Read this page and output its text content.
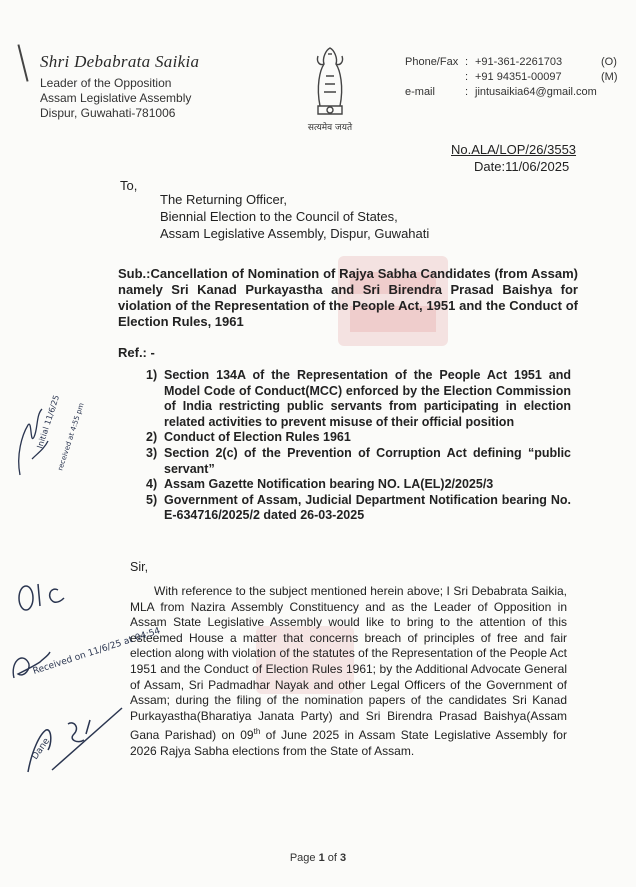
Shri Debabrata Saikia
Leader of the Opposition
Assam Legislative Assembly
Dispur, Guwahati-781006
सत्यमेव जयते
Phone/Fax : +91-361-2261703	(O)
: +91 94351-00097	(M)
e-mail	: jintusaikia64@gmail.com
No.ALA/LOP/26/3553
Date:11/06/2025
To,
The Returning Officer,
Biennial Election to the Council of States,
Assam Legislative Assembly, Dispur, Guwahati
Sub.:Cancellation of Nomination of Rajya Sabha Candidates (from Assam) namely Sri Kanad Purkayastha and Sri Birendra Prasad Baishya for violation of the Representation of the People Act, 1951 and the Conduct of Election Rules, 1961
Ref.: -
1) Section 134A of the Representation of the People Act 1951 and Model Code of Conduct(MCC) enforced by the Election Commission of India restricting public servants from participating in election related activities to prevent misuse of their official position
2) Conduct of Election Rules 1961
3) Section 2(c) of the Prevention of Corruption Act defining “public servant”
4) Assam Gazette Notification bearing NO. LA(EL)2/2025/3
5) Government of Assam, Judicial Department Notification bearing No. E-634716/2025/2 dated 26-03-2025
Sir,
With reference to the subject mentioned herein above; I Sri Debabrata Saikia, MLA from Nazira Assembly Constituency and as the Leader of Opposition in Assam State Legislative Assembly would like to bring to the attention of this esteemed House a matter that concerns breach of principles of free and fair election along with violation of the statutes of the Representation of the People Act 1951 and the Conduct of Election Rules 1961; by the Additional Advocate General of Assam, Sri Padmadhar Nayak and other Legal Officers of the Government of Assam; during the filing of the nomination papers of the candidates Sri Kanad Purkayastha(Bharatiya Janata Party) and Sri Birendra Prasad Baishya(Assam Gana Parishad) on 09th of June 2025 in Assam State Legislative Assembly for 2026 Rajya Sabha elections from the State of Assam.
Initial 11/6/25
received at 4:55 pm
O/c
Received on 11/6/25 at 04:54
Dane
Page 1 of 3
